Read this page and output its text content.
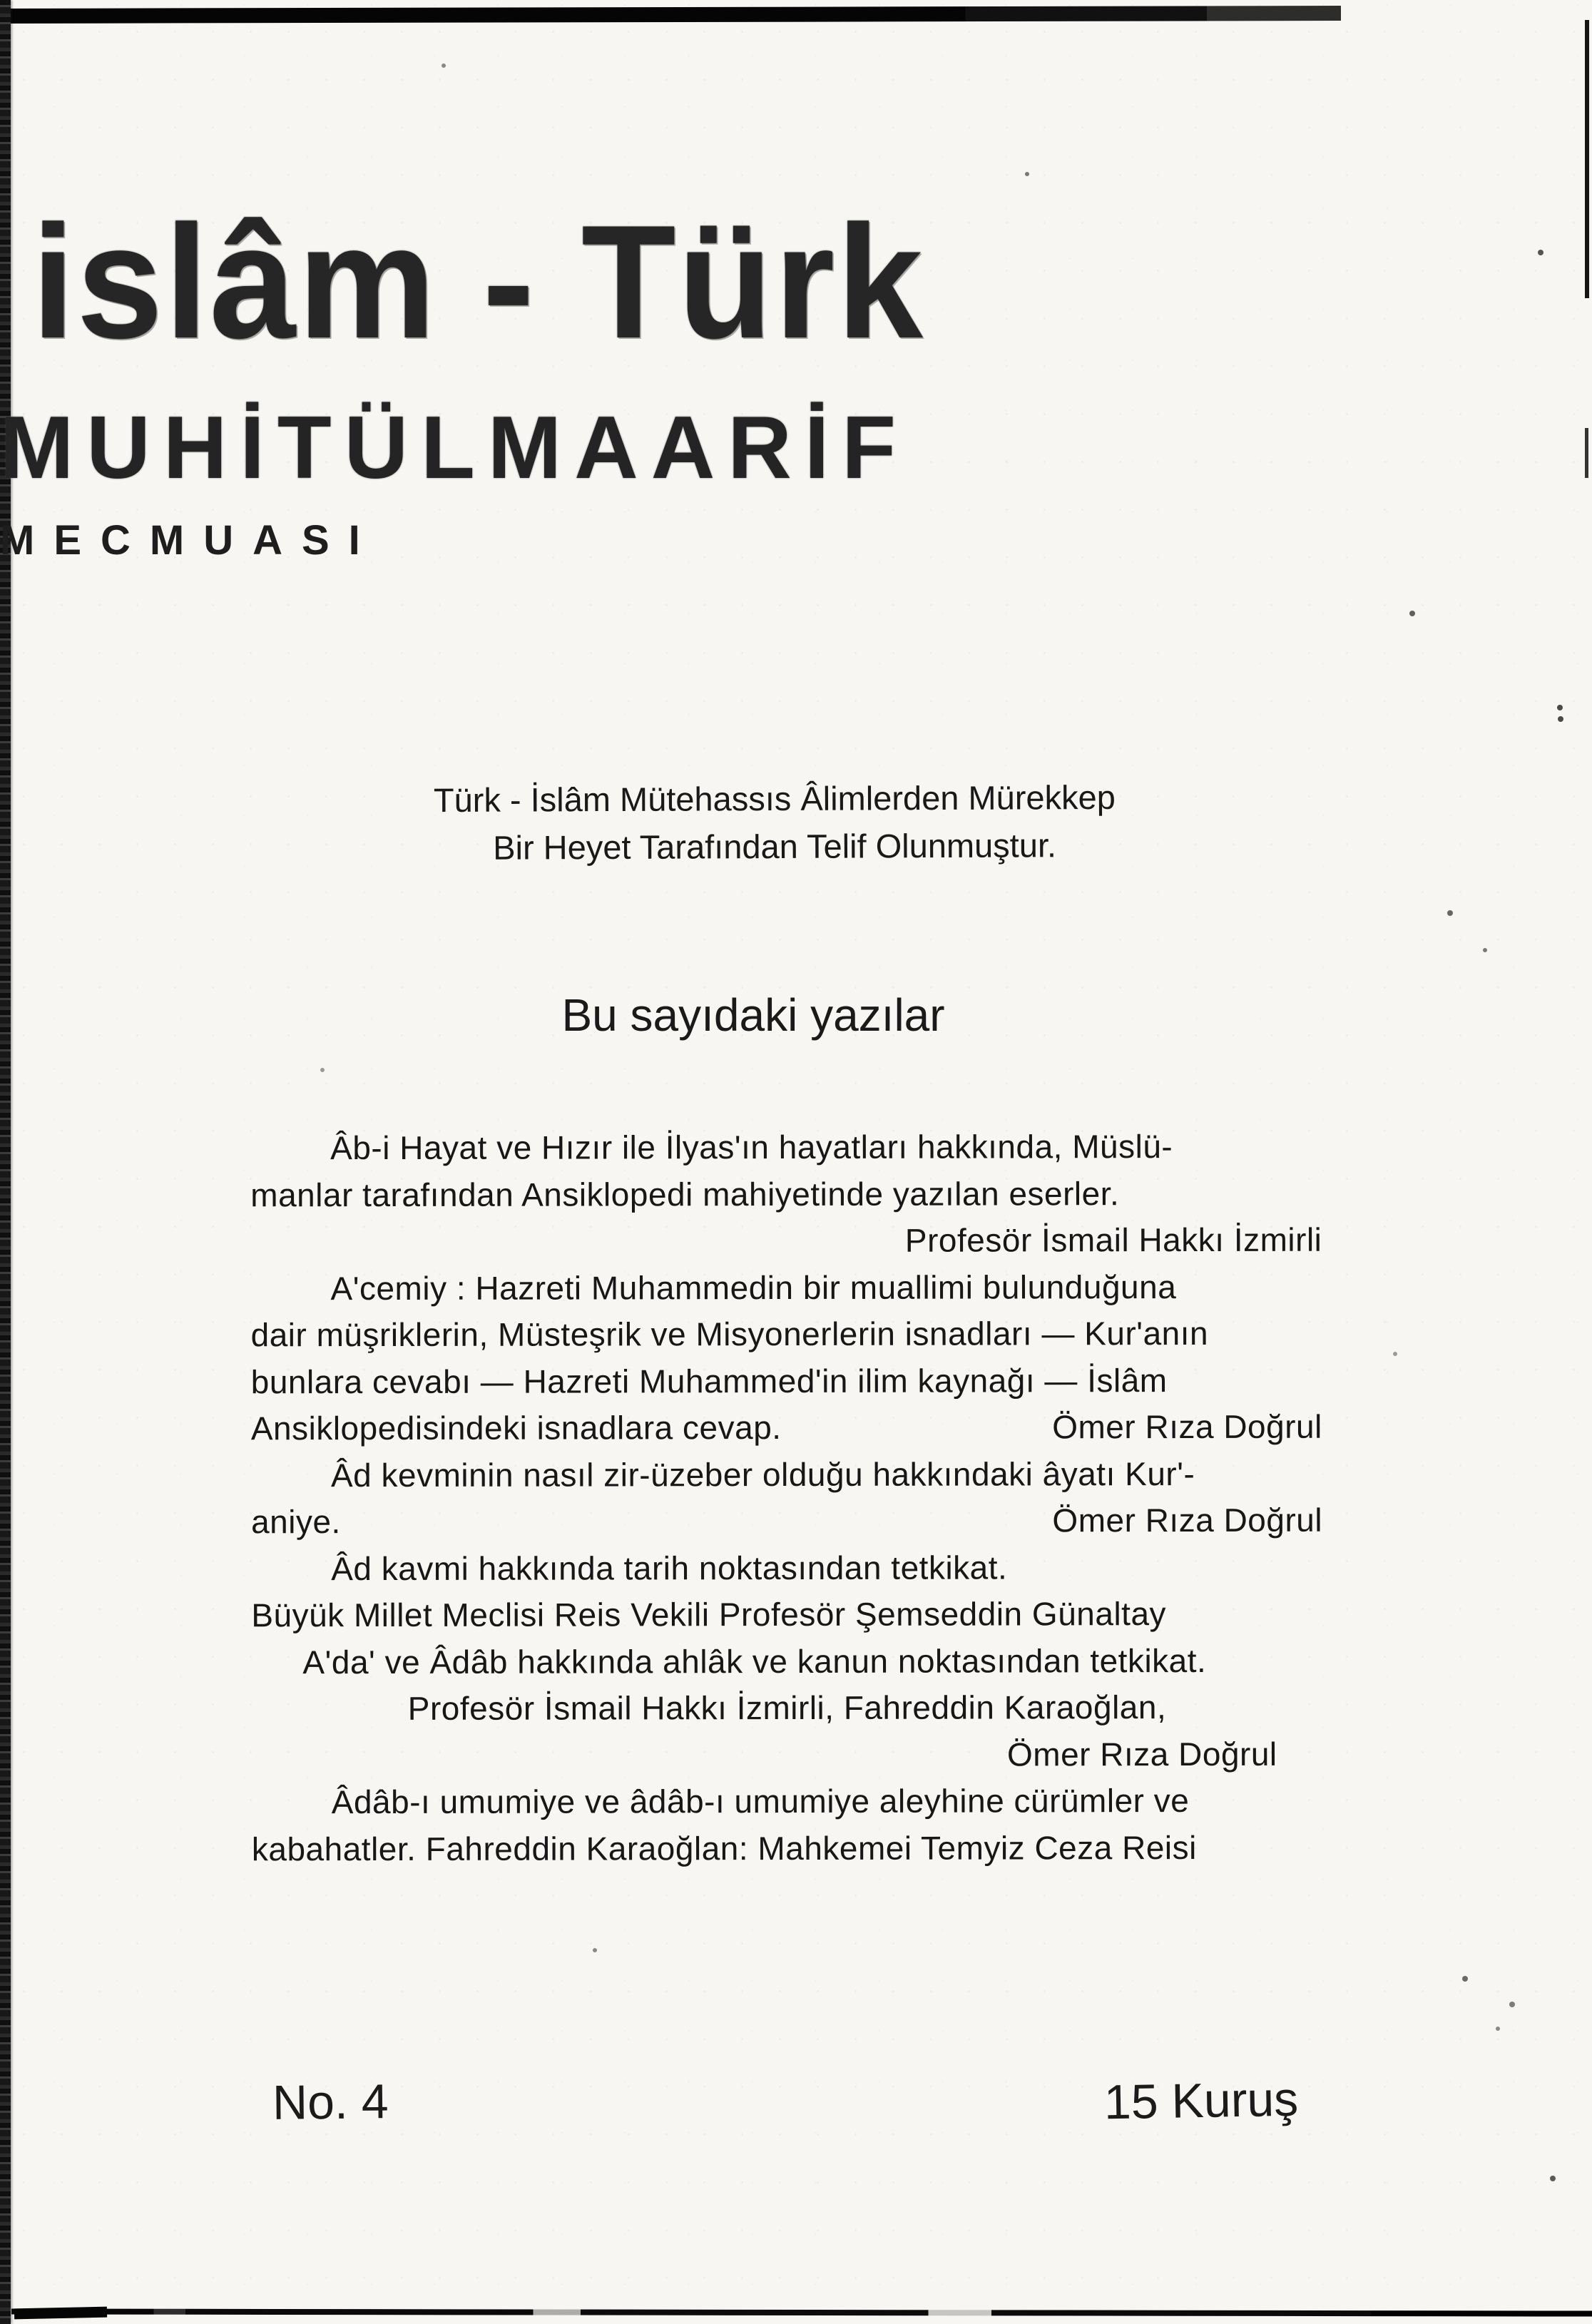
islâm - Türk
MUHİTÜLMAARİF
MECMUASI
Türk - İslâm Mütehassıs Âlimlerden Mürekkep
Bir Heyet Tarafından Telif Olunmuştur.
Bu sayıdaki yazılar
Âb-i Hayat ve Hızır ile İlyas'ın hayatları hakkında, Müslü-
manlar tarafından Ansiklopedi mahiyetinde yazılan eserler.
Profesör İsmail Hakkı İzmirli
A'cemiy : Hazreti Muhammedin bir muallimi bulunduğuna
dair müşriklerin, Müsteşrik ve Misyonerlerin isnadları — Kur'anın
bunlara cevabı — Hazreti Muhammed'in ilim kaynağı — İslâm
Ansiklopedisindeki isnadlara cevap.	Ömer Rıza Doğrul
Âd kevminin nasıl zir-üzeber olduğu hakkındaki âyatı Kur'-
aniye.	Ömer Rıza Doğrul
Âd kavmi hakkında tarih noktasından tetkikat.
Büyük Millet Meclisi Reis Vekili Profesör Şemseddin Günaltay
A'da' ve Âdâb hakkında ahlâk ve kanun noktasından tetkikat.
Profesör İsmail Hakkı İzmirli, Fahreddin Karaoğlan,
Ömer Rıza Doğrul
Âdâb-ı umumiye ve âdâb-ı umumiye aleyhine cürümler ve
kabahatler. Fahreddin Karaoğlan: Mahkemei Temyiz Ceza Reisi
No. 4	15 Kuruş
